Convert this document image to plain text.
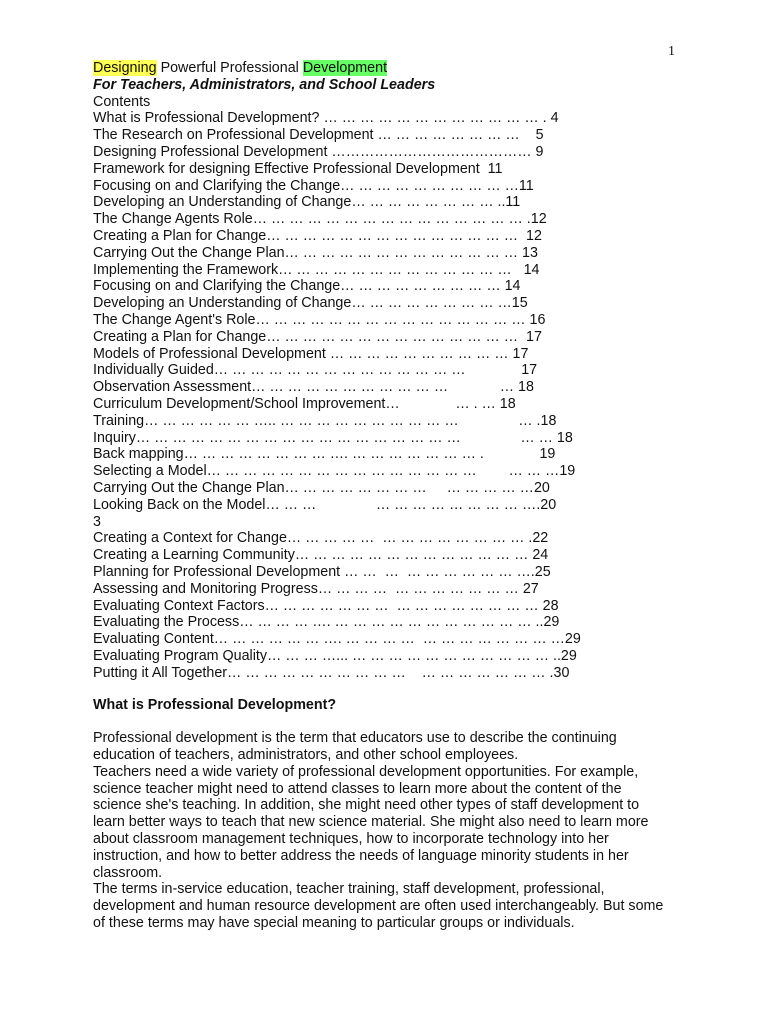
1
Designing Powerful Professional Development
For Teachers, Administrators, and School Leaders
Contents
What is Professional Development? … … … … … … … … … … … … . 4
The Research on Professional Development … … … … … … … …    5
Designing Professional Development …………………………………… 9
Framework for designing Effective Professional Development  11
Focusing on and Clarifying the Change… … … … … … … … … …11
Developing an Understanding of Change… … … … … … … … ..11
The Change Agents Role… … … … … … … … … … … … … … … .12
Creating a Plan for Change… … … … … … … … … … … … … …  12
Carrying Out the Change Plan… … … … … … … … … … … … … 13
Implementing the Framework… … … … … … … … … … … … …   14
Focusing on and Clarifying the Change… … … … … … … … … 14
Developing an Understanding of Change… … … … … … … … …15
The Change Agent's Role… … … … … … … … … … … … … … … 16
Creating a Plan for Change… … … … … … … … … … … … … …  17
Models of Professional Development … … … … … … … … … … 17
Individually Guided… … … … … … … … … … … … … …              17
Observation Assessment… … … … … … … … … … …             … 18
Curriculum Development/School Improvement…              … . … 18
Training… … … … … … ….. … … … … … … … … … …               … .18
Inquiry… … … … … … … … … … … … … … … … … …               … … 18
Back mapping… … … … … … … … …. … … … … … … … .              19
Selecting a Model… … … … … … … … … … … … … … …        … … …19
Carrying Out the Change Plan… … … … … … … …     … … … … …20
Looking Back on the Model… … …               … … … … … … … … ….20
3
Creating a Context for Change… … … … …  … … … … … … … … .22
Creating a Learning Community… … … … … … … … … … … … … 24
Planning for Professional Development … …  …  … … … … … … ….25
Assessing and Monitoring Progress… … … …  … … … … … … … 27
Evaluating Context Factors… … … … … … …  … … … … … … … … 28
Evaluating the Process… … … … …. … … … … … … … … … … … ..29
Evaluating Content… … … … … … …. … … … …  … … … … … … … …29
Evaluating Program Quality… … … …... … … … … … … … … … … … ..29
Putting it All Together… … … … … … … … … …    … … … … … … … .30
What is Professional Development?

Professional development is the term that educators use to describe the continuing education of teachers, administrators, and other school employees.

Teachers need a wide variety of professional development opportunities. For example, science teacher might need to attend classes to learn more about the content of the science she's teaching. In addition, she might need other types of staff development to learn better ways to teach that new science material. She might also need to learn more about classroom management techniques, how to incorporate technology into her instruction, and how to better address the needs of language minority students in her

classroom.

The terms in-service education, teacher training, staff development, professional, development and human resource development are often used interchangeably. But some of these terms may have special meaning to particular groups or individuals.
